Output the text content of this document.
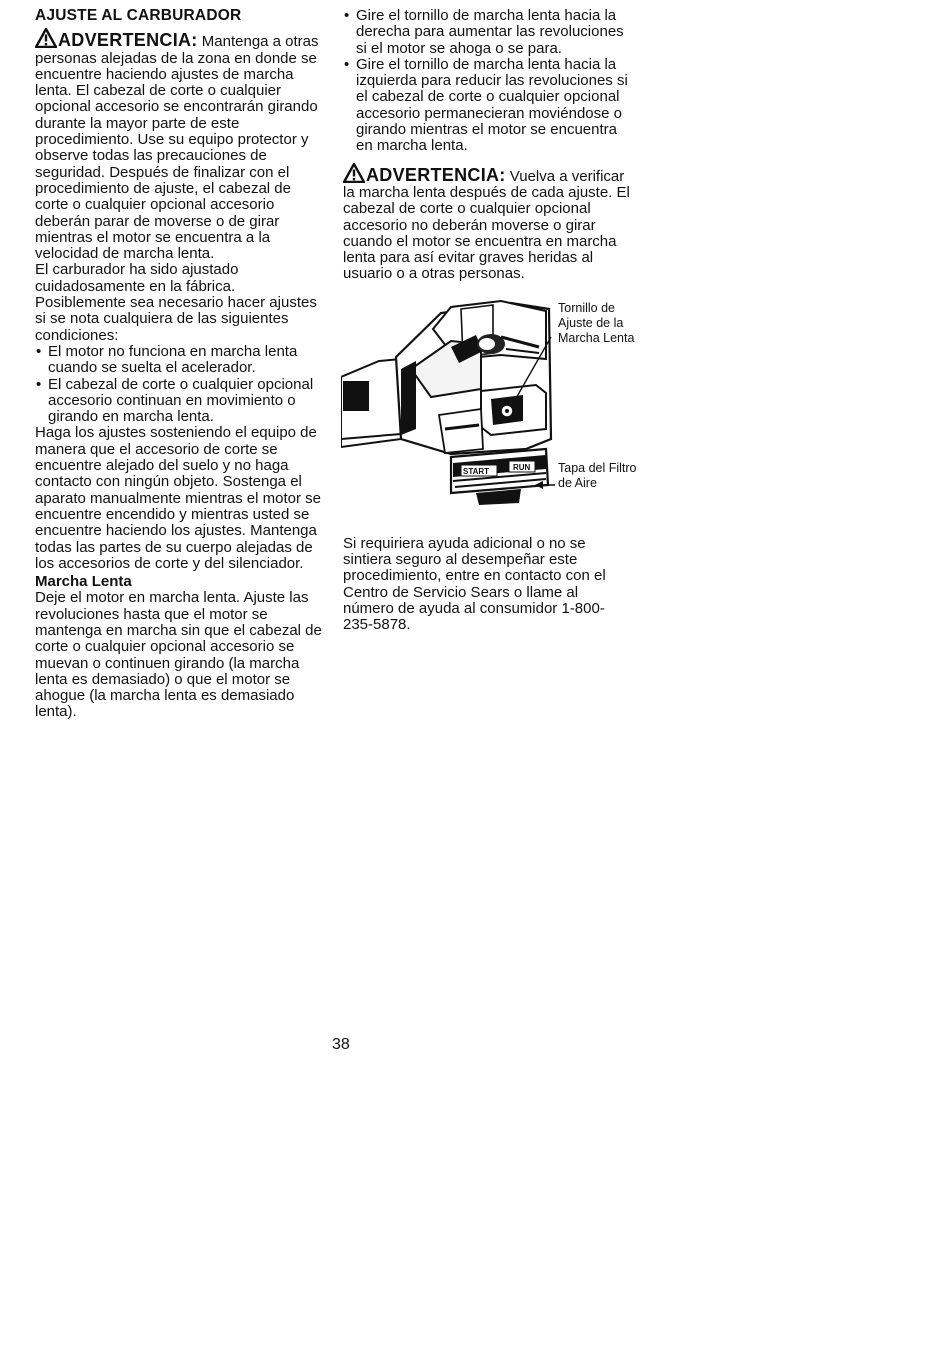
AJUSTE AL CARBURADOR

ADVERTENCIA: Mantenga a otras personas alejadas de la zona en donde se encuentre haciendo ajustes de marcha lenta. El cabezal de corte o cualquier opcional accesorio se encontrarán girando durante la mayor parte de este procedimiento. Use su equipo protector y observe todas las precauciones de seguridad. Después de finalizar con el procedimiento de ajuste, el cabezal de corte o cualquier opcional accesorio deberán parar de moverse o de girar mientras el motor se encuentra a la velocidad de marcha lenta.

El carburador ha sido ajustado cuidadosamente en la fábrica. Posiblemente sea necesario hacer ajustes si se nota cualquiera de las siguientes condiciones:

• El motor no funciona en marcha lenta cuando se suelta el acelerador.
• El cabezal de corte o cualquier opcional accesorio continuan en movimiento o girando en marcha lenta.

Haga los ajustes sosteniendo el equipo de manera que el accesorio de corte se encuentre alejado del suelo y no haga contacto con ningún objeto. Sostenga el aparato manualmente mientras el motor se encuentre encendido y mientras usted se encuentre haciendo los ajustes. Mantenga todas las partes de su cuerpo alejadas de los accesorios de corte y del silenciador.

Marcha Lenta

Deje el motor en marcha lenta. Ajuste las revoluciones hasta que el motor se mantenga en marcha sin que el cabezal de corte o cualquier opcional accesorio se muevan o continuen girando (la marcha lenta es demasiado) o que el motor se ahogue (la marcha lenta es demasiado lenta).

• Gire el tornillo de marcha lenta hacia la derecha para aumentar las revoluciones si el motor se ahoga o se para.
• Gire el tornillo de marcha lenta hacia la izquierda para reducir las revoluciones si el cabezal de corte o cualquier opcional accesorio permanecieran moviéndose o girando mientras el motor se encuentra en marcha lenta.

ADVERTENCIA: Vuelva a verificar la marcha lenta después de cada ajuste. El cabezal de corte o cualquier opcional accesorio no deberán moverse o girar cuando el motor se encuentra en marcha lenta para así evitar graves heridas al usuario o a otras personas.

START	RUN
Tornillo de Ajuste de la Marcha Lenta
Tapa del Filtro de Aire

Si requiriera ayuda adicional o no se sintiera seguro al desempeñar este procedimiento, entre en contacto con el Centro de Servicio Sears o llame al número de ayuda al consumidor 1-800-235-5878.

38
